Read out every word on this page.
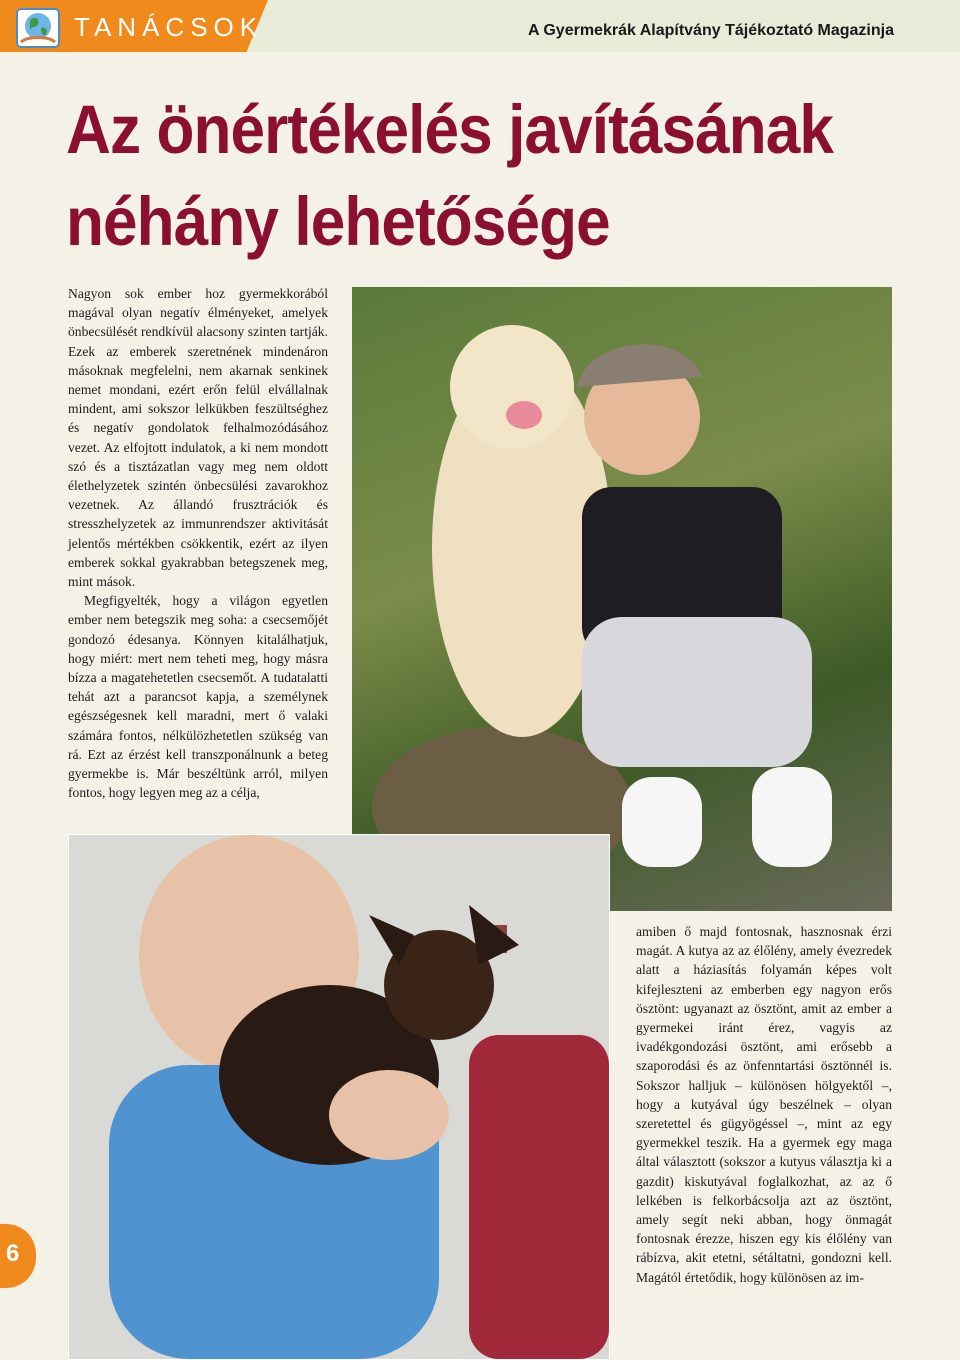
TANÁCSOK	A Gyermekrák Alapítvány Tájékoztató Magazinja
Az önértékelés javításának
néhány lehetősége

Nagyon sok ember hoz gyermekkorából magával olyan negatív élményeket, amelyek önbecsülését rendkívül alacsony szinten tartják. Ezek az emberek szeretnének mindenáron másoknak megfelelni, nem akarnak senkinek nemet mondani, ezért erőn felül elvállalnak mindent, ami sokszor lelkükben feszültséghez és negatív gondolatok felhalmozódásához vezet. Az elfojtott indulatok, a ki nem mondott szó és a tisztázatlan vagy meg nem oldott élethelyzetek szintén önbecsülési zavarokhoz vezetnek. Az állandó frusztrációk és stresszhelyzetek az immunrendszer aktivitását jelentős mértékben csökkentik, ezért az ilyen emberek sokkal gyakrabban betegszenek meg, mint mások.

Megfigyelték, hogy a világon egyetlen ember nem betegszik meg soha: a csecsemőjét gondozó édesanya. Könnyen kitalálhatjuk, hogy miért: mert nem teheti meg, hogy másra bízza a magatehetetlen csecsemőt. A tudatalatti tehát azt a parancsot kapja, a személynek egészségesnek kell maradni, mert ő valaki számára fontos, nélkülözhetetlen szükség van rá. Ezt az érzést kell transzponálnunk a beteg gyermekbe is. Már beszéltünk arról, milyen fontos, hogy legyen meg az a célja,

amiben ő majd fontosnak, hasznosnak érzi magát. A kutya az az élőlény, amely évezredek alatt a háziasítás folyamán képes volt kifejleszteni az emberben egy nagyon erős ösztönt: ugyanazt az ösztönt, amit az ember a gyermekei iránt érez, vagyis az ivadékgondozási ösztönt, ami erősebb a szaporodási és az önfenntartási ösztönnél is. Sokszor halljuk – különösen hölgyektől –, hogy a kutyával úgy beszélnek – olyan szeretettel és gügyögéssel –, mint az egy gyermekkel teszik. Ha a gyermek egy maga által választott (sokszor a kutyus választja ki a gazdit) kiskutyával foglalkozhat, az az ő lelkében is felkorbácsolja azt az ösztönt, amely segít neki abban, hogy önmagát fontosnak érezze, hiszen egy kis élőlény van rábízva, akit etetni, sétáltatni, gondozni kell. Magától értetődik, hogy különösen az im-
6
